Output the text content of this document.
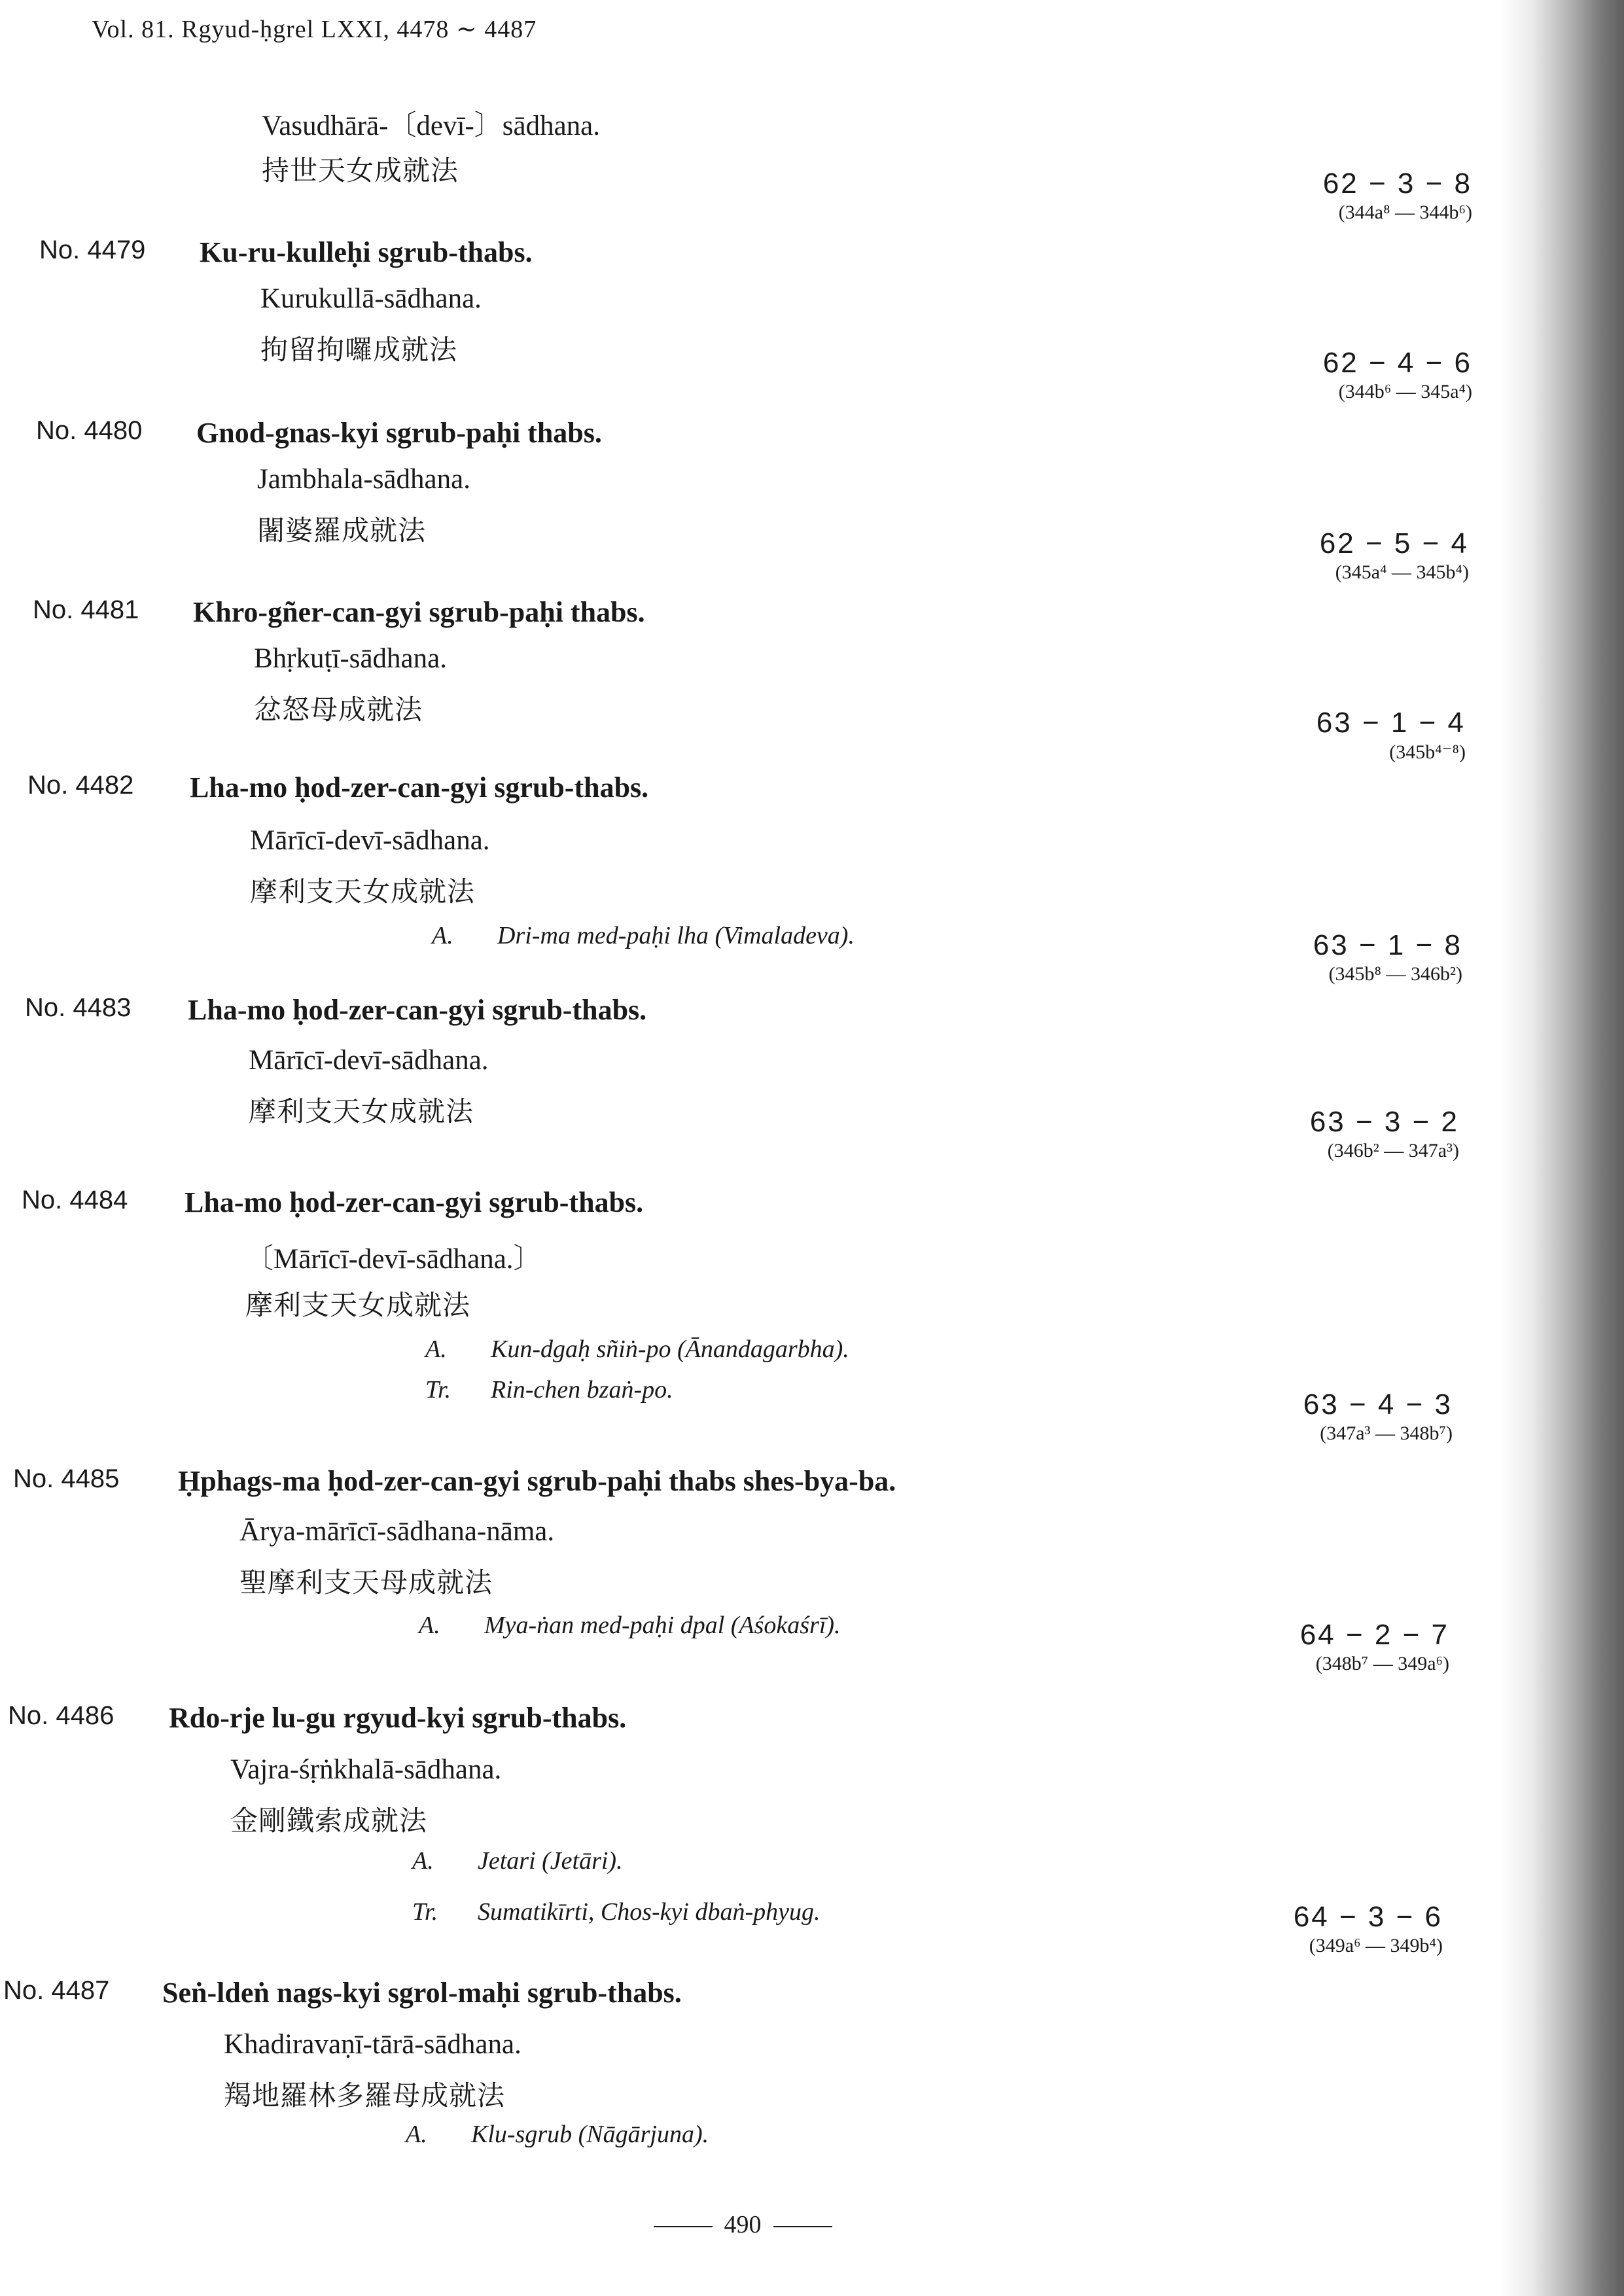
Vol. 81. Rgyud-ḥgrel LXXI, 4478 ∼ 4487
Vasudhārā-〔devī-〕sādhana.
持世天女成就法	62 − 3 − 8
(344a⁸ — 344b⁶)
No. 4479 Ku-ru-kulleḥi sgrub-thabs.
Kurukullā-sādhana.
拘留拘囉成就法	62 − 4 − 6
(344b⁶ — 345a⁴)
No. 4480 Gnod-gnas-kyi sgrub-paḥi thabs.
Jambhala-sādhana.
闍婆羅成就法	62 − 5 − 4
(345a⁴ — 345b⁴)
No. 4481 Khro-gñer-can-gyi sgrub-paḥi thabs.
Bhṛkuṭī-sādhana.
忿怒母成就法	63 − 1 − 4
(345b⁴⁻⁸)
No. 4482 Lha-mo ḥod-zer-can-gyi sgrub-thabs.
Mārīcī-devī-sādhana.
摩利支天女成就法
A. Dri-ma med-paḥi lha (Vimaladeva).	63 − 1 − 8
(345b⁸ — 346b²)
No. 4483 Lha-mo ḥod-zer-can-gyi sgrub-thabs.
Mārīcī-devī-sādhana.
摩利支天女成就法	63 − 3 − 2
(346b² — 347a³)
No. 4484 Lha-mo ḥod-zer-can-gyi sgrub-thabs.
〔Mārīcī-devī-sādhana.〕
摩利支天女成就法
A. Kun-dgaḥ sñiṅ-po (Ānandagarbha).
Tr. Rin-chen bzaṅ-po.	63 − 4 − 3
(347a³ — 348b⁷)
No. 4485 Ḥphags-ma ḥod-zer-can-gyi sgrub-paḥi thabs shes-bya-ba.
Ārya-mārīcī-sādhana-nāma.
聖摩利支天母成就法
A. Mya-ṅan med-paḥi dpal (Aśokaśrī).	64 − 2 − 7
(348b⁷ — 349a⁶)
No. 4486 Rdo-rje lu-gu rgyud-kyi sgrub-thabs.
Vajra-śṛṅkhalā-sādhana.
金剛鐵索成就法
A. Jetari (Jetāri).
Tr. Sumatikīrti, Chos-kyi dbaṅ-phyug.	64 − 3 − 6
(349a⁶ — 349b⁴)
No. 4487 Seṅ-ldeṅ nags-kyi sgrol-maḥi sgrub-thabs.
Khadiravaṇī-tārā-sādhana.
羯地羅林多羅母成就法
A. Klu-sgrub (Nāgārjuna).
490
